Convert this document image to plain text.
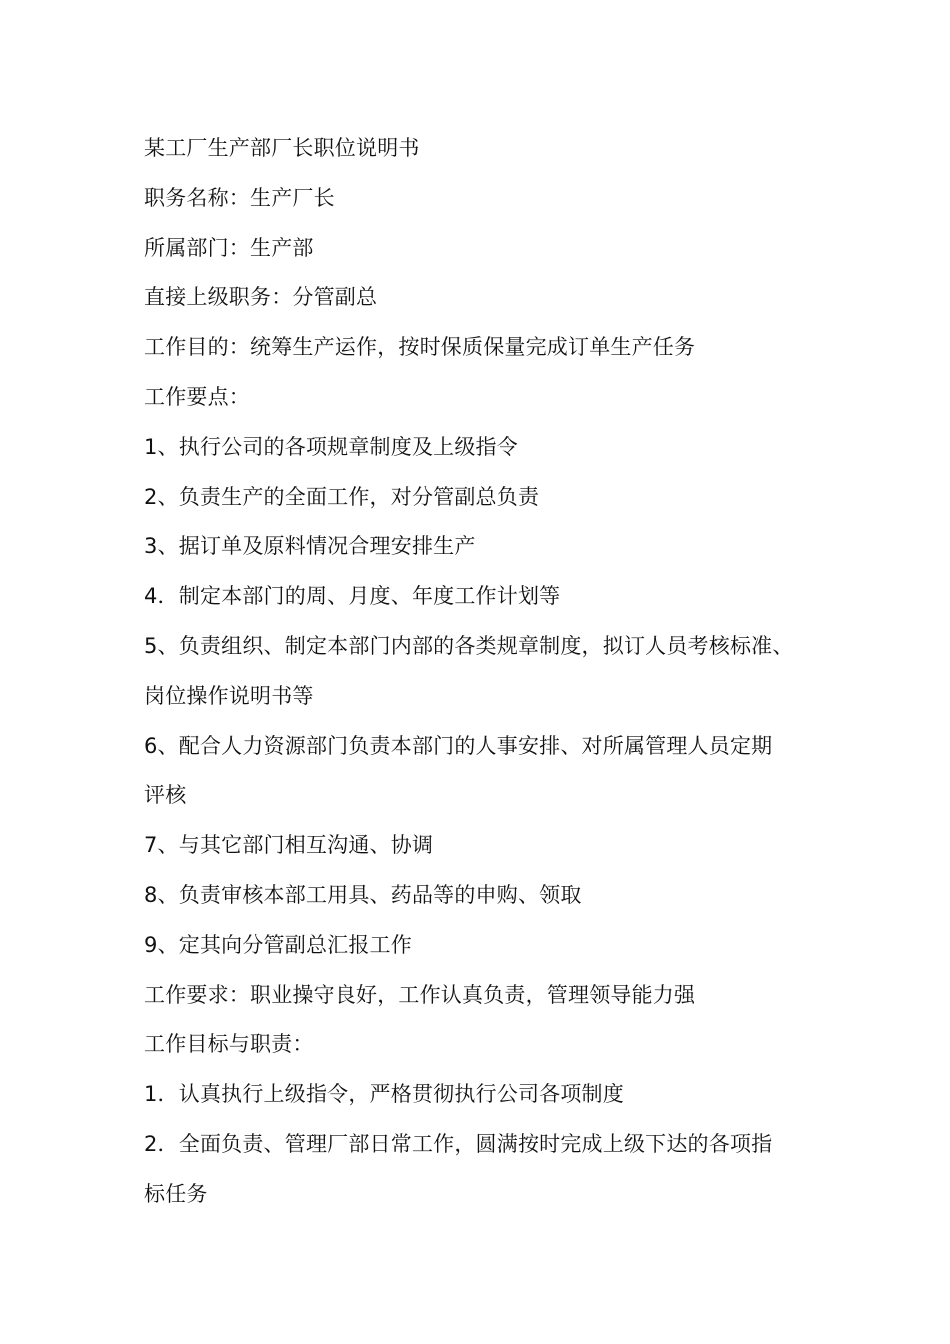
某工厂生产部厂长职位说明书
职务名称：生产厂长
所属部门：生产部
直接上级职务：分管副总
工作目的：统筹生产运作，按时保质保量完成订单生产任务
工作要点：
1、执行公司的各项规章制度及上级指令
2、负责生产的全面工作，对分管副总负责
3、据订单及原料情况合理安排生产
4．制定本部门的周、月度、年度工作计划等
5、负责组织、制定本部门内部的各类规章制度，拟订人员考核标准、
岗位操作说明书等
6、配合人力资源部门负责本部门的人事安排、对所属管理人员定期
评核
7、与其它部门相互沟通、协调
8、负责审核本部工用具、药品等的申购、领取
9、定其向分管副总汇报工作
工作要求：职业操守良好，工作认真负责，管理领导能力强
工作目标与职责：
1．认真执行上级指令，严格贯彻执行公司各项制度
2．全面负责、管理厂部日常工作，圆满按时完成上级下达的各项指
标任务
